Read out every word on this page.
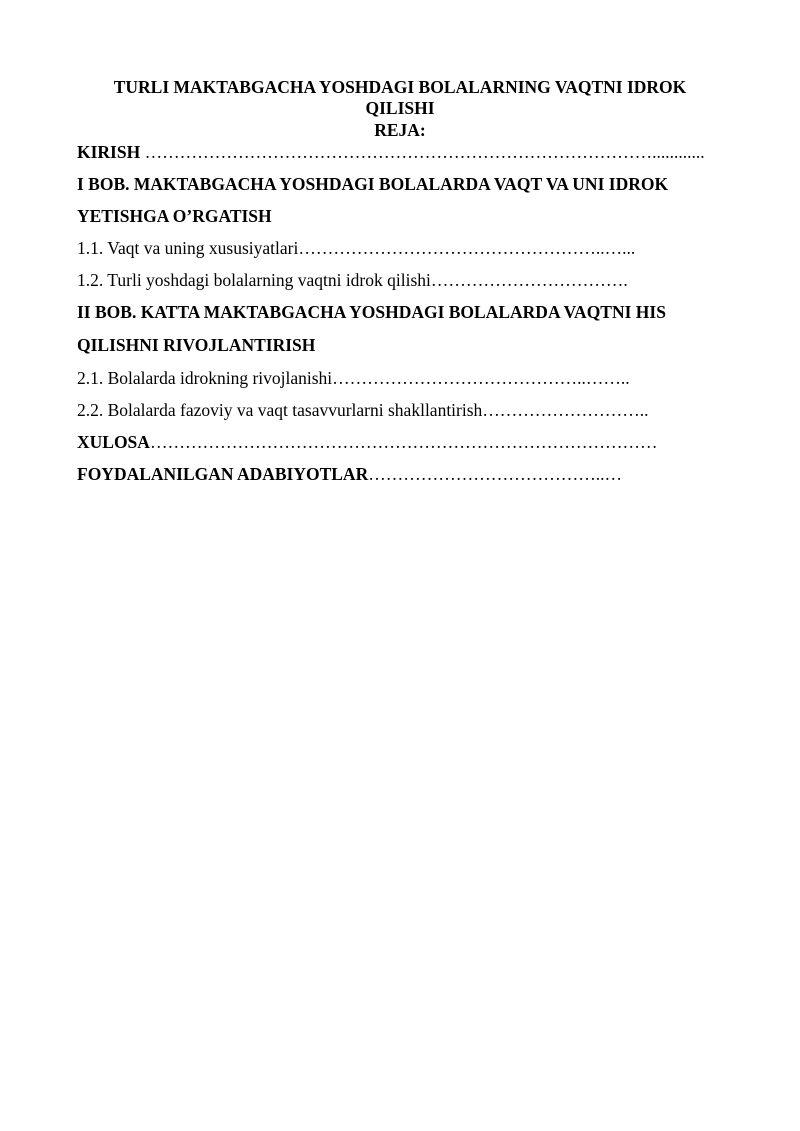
TURLI MAKTABGACHA YOSHDAGI BOLALARNING VAQTNI IDROK QILISHI
REJA:
KIRISH ……………………………………………………………………………............
I BOB. MAKTABGACHA YOSHDAGI BOLALARDA VAQT VA UNI IDROK
YETISHGA O’RGATISH
1.1. Vaqt va uning xususiyatlari……………………………………………..…...
1.2. Turli yoshdagi bolalarning vaqtni idrok qilishi…………………………….
II BOB. KATTA MAKTABGACHA YOSHDAGI BOLALARDA VAQTNI HIS
QILISHNI RIVOJLANTIRISH
2.1. Bolalarda idrokning rivojlanishi……………………………………..……..
2.2. Bolalarda fazoviy va vaqt tasavvurlarni shakllantirish………………………..
XULOSA……………………………………………………………………………
FOYDALANILGAN ADABIYOTLAR…………………………………..…
